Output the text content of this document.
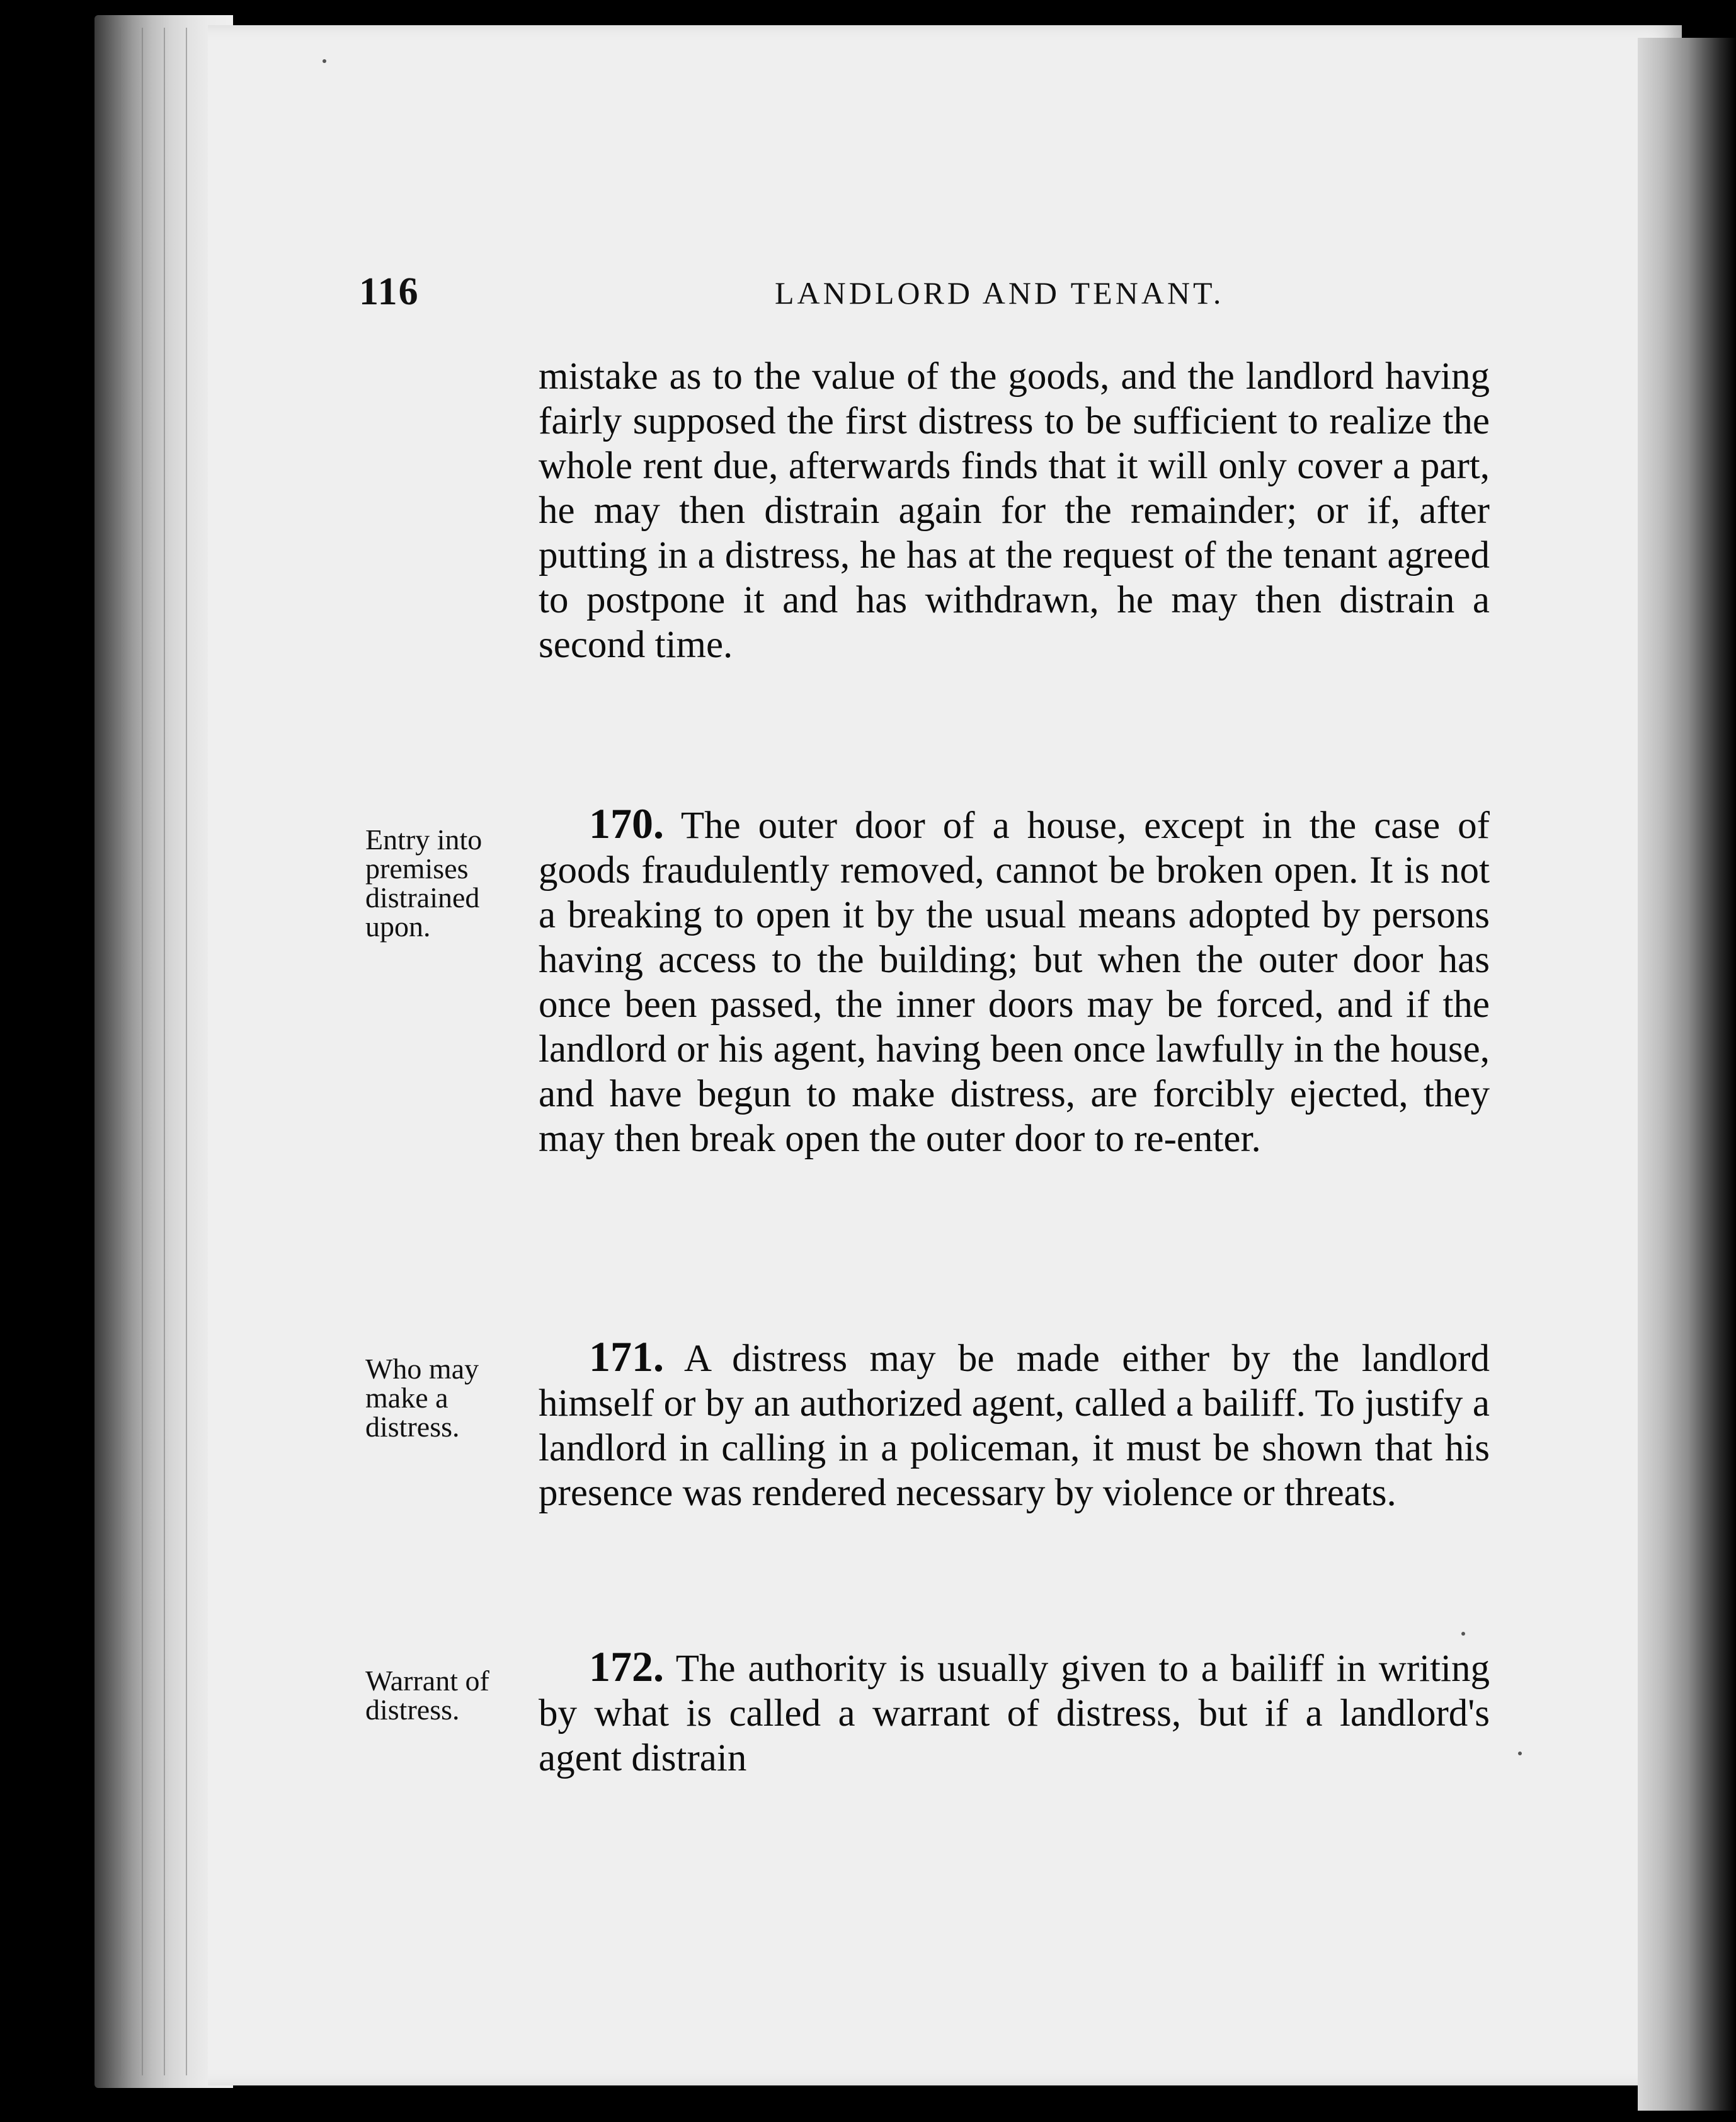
116	LANDLORD AND TENANT.
mistake as to the value of the goods, and the landlord having fairly supposed the first distress to be sufficient to realize the whole rent due, afterwards finds that it will only cover a part, he may then distrain again for the remainder; or if, after putting in a distress, he has at the request of the tenant agreed to postpone it and has withdrawn, he may then distrain a second time.
Entry into premises distrained upon.
170. The outer door of a house, except in the case of goods fraudulently removed, cannot be broken open. It is not a breaking to open it by the usual means adopted by persons having access to the building; but when the outer door has once been passed, the inner doors may be forced, and if the landlord or his agent, having been once lawfully in the house, and have begun to make distress, are forcibly ejected, they may then break open the outer door to re-enter.
Who may make a distress.
171. A distress may be made either by the landlord himself or by an authorized agent, called a bailiff. To justify a landlord in calling in a policeman, it must be shown that his presence was rendered necessary by violence or threats.
Warrant of distress.
172. The authority is usually given to a bailiff in writing by what is called a warrant of distress, but if a landlord's agent distrain
